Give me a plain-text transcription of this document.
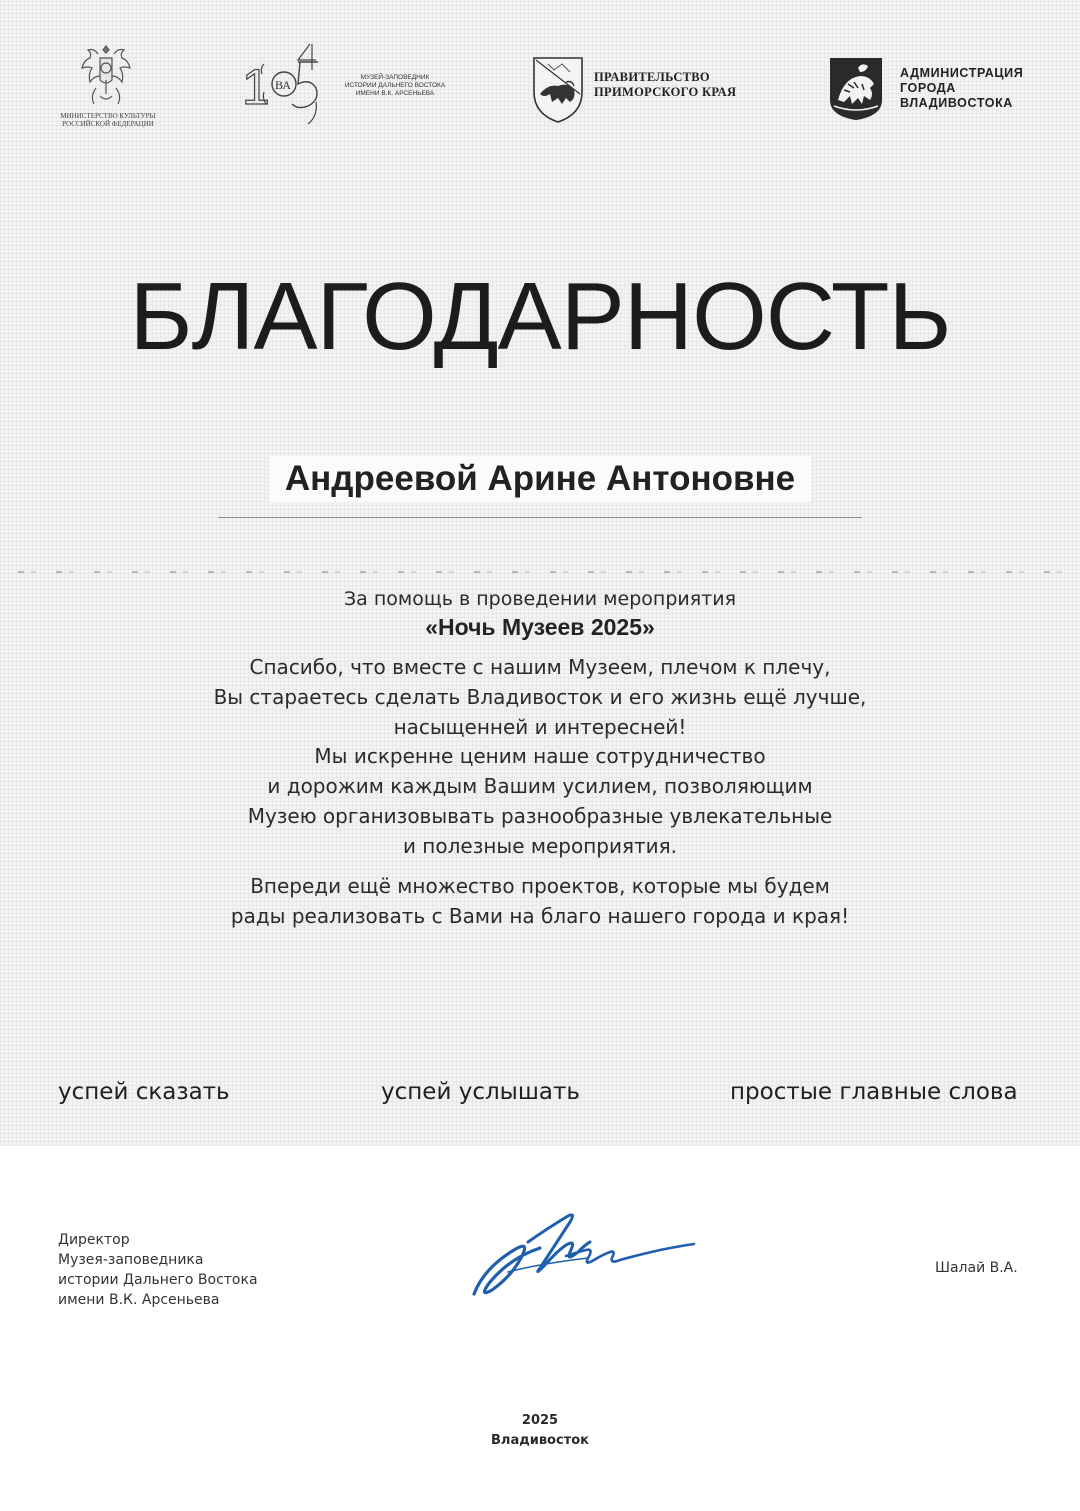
МИНИСТЕРСТВО КУЛЬТУРЫ
РОССИЙСКОЙ ФЕДЕРАЦИИ
1 ВА
МУЗЕЙ-ЗАПОВЕДНИК
ИСТОРИИ ДАЛЬНЕГО ВОСТОКА
ИМЕНИ В.К. АРСЕНЬЕВА
ПРАВИТЕЛЬСТВО
ПРИМОРСКОГО КРАЯ
АДМИНИСТРАЦИЯ
ГОРОДА
ВЛАДИВОСТОКА
БЛАГОДАРНОСТЬ
Андреевой Арине Антоновне
За помощь в проведении мероприятия
«Ночь Музеев 2025»
Спасибо, что вместе с нашим Музеем, плечом к плечу,
Вы стараетесь сделать Владивосток и его жизнь ещё лучше,
насыщенней и интересней!
Мы искренне ценим наше сотрудничество
и дорожим каждым Вашим усилием, позволяющим
Музею организовывать разнообразные увлекательные
и полезные мероприятия.
Впереди ещё множество проектов, которые мы будем
рады реализовать с Вами на благо нашего города и края!
успей сказать	успей услышать	простые главные слова
Директор
Музея-заповедника
истории Дальнего Востока
имени В.К. Арсеньева
Шалай В.А.
2025
Владивосток
